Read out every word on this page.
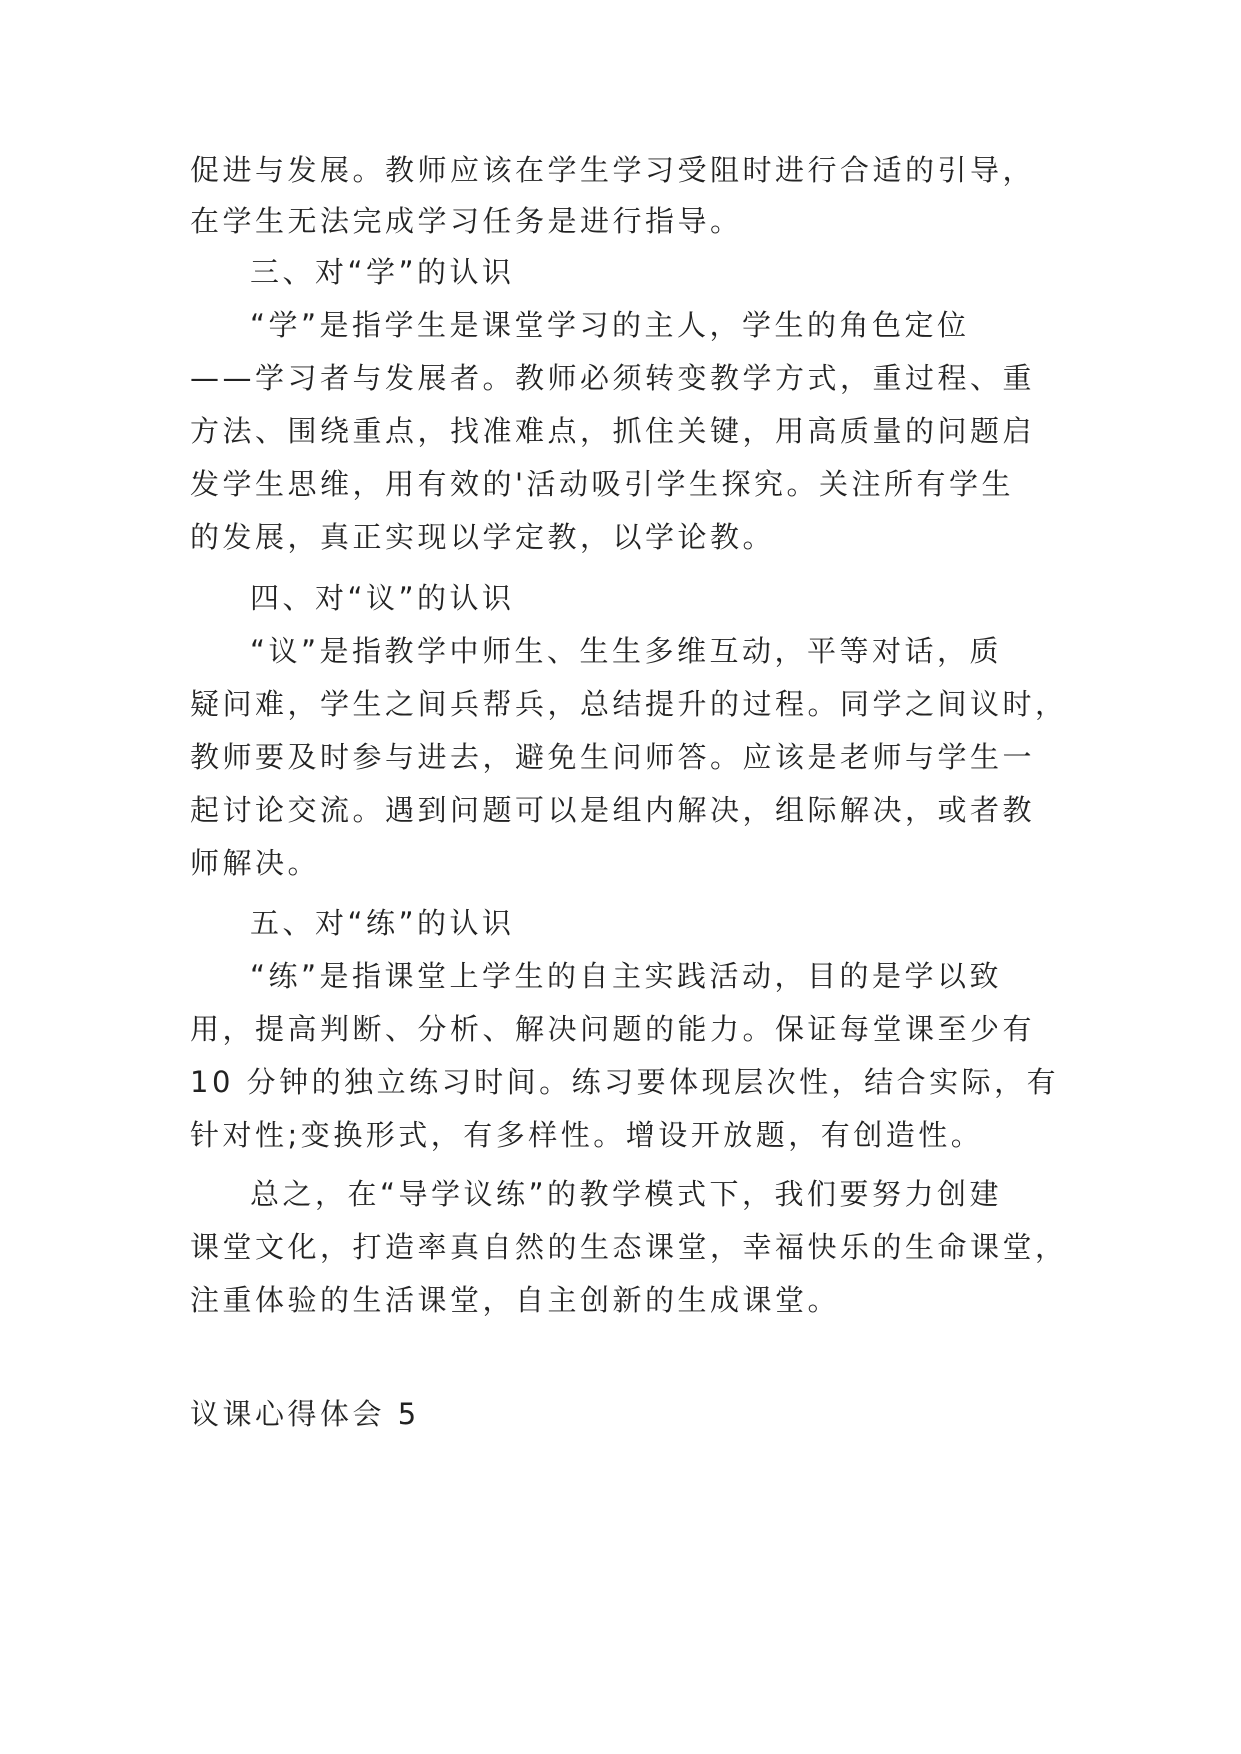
促进与发展。教师应该在学生学习受阻时进行合适的引导，
在学生无法完成学习任务是进行指导。
三、对“学”的认识
“学”是指学生是课堂学习的主人，学生的角色定位
——学习者与发展者。教师必须转变教学方式，重过程、重
方法、围绕重点，找准难点，抓住关键，用高质量的问题启
发学生思维，用有效的'活动吸引学生探究。关注所有学生
的发展，真正实现以学定教，以学论教。
四、对“议”的认识
“议”是指教学中师生、生生多维互动，平等对话，质
疑问难，学生之间兵帮兵，总结提升的过程。同学之间议时，
教师要及时参与进去，避免生问师答。应该是老师与学生一
起讨论交流。遇到问题可以是组内解决，组际解决，或者教
师解决。
五、对“练”的认识
“练”是指课堂上学生的自主实践活动，目的是学以致
用，提高判断、分析、解决问题的能力。保证每堂课至少有
10 分钟的独立练习时间。练习要体现层次性，结合实际，有
针对性;变换形式，有多样性。增设开放题，有创造性。
总之，在“导学议练”的教学模式下，我们要努力创建
课堂文化，打造率真自然的生态课堂，幸福快乐的生命课堂，
注重体验的生活课堂，自主创新的生成课堂。
议课心得体会 5
